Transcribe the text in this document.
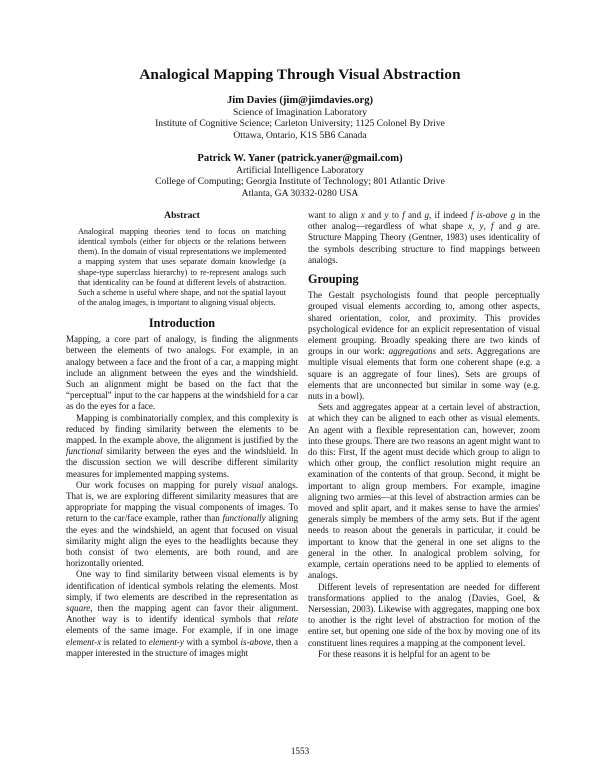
Analogical Mapping Through Visual Abstraction
Jim Davies (jim@jimdavies.org)
Science of Imagination Laboratory
Institute of Cognitive Science; Carleton University; 1125 Colonel By Drive
Ottawa, Ontario, K1S 5B6 Canada
Patrick W. Yaner (patrick.yaner@gmail.com)
Artificial Intelligence Laboratory
College of Computing; Georgia Institute of Technology; 801 Atlantic Drive
Atlanta, GA 30332-0280 USA
Abstract
Analogical mapping theories tend to focus on matching identical symbols (either for objects or the relations between them). In the domain of visual representations we implemented a mapping system that uses separate domain knowledge (a shape-type superclass hierarchy) to re-represent analogs such that identicality can be found at different levels of abstraction. Such a scheme is useful where shape, and not the spatial layout of the analog images, is important to aligning visual objects.
Introduction

Mapping, a core part of analogy, is finding the alignments between the elements of two analogs. For example, in an analogy between a face and the front of a car, a mapping might include an alignment between the eyes and the windshield. Such an alignment might be based on the fact that the “perceptual” input to the car happens at the windshield for a car as do the eyes for a face.

Mapping is combinatorially complex, and this complexity is reduced by finding similarity between the elements to be mapped. In the example above, the alignment is justified by the functional similarity between the eyes and the windshield. In the discussion section we will describe different similarity measures for implemented mapping systems.

Our work focuses on mapping for purely visual analogs. That is, we are exploring different similarity measures that are appropriate for mapping the visual components of images. To return to the car/face example, rather than functionally aligning the eyes and the windshield, an agent that focused on visual similarity might align the eyes to the headlights because they both consist of two elements, are both round, and are horizontally oriented.

One way to find similarity between visual elements is by identification of identical symbols relating the elements. Most simply, if two elements are described in the representation as square, then the mapping agent can favor their alignment. Another way is to identify identical symbols that relate elements of the same image. For example, if in one image element-x is related to element-y with a symbol is-above, then a mapper interested in the structure of images might

want to align x and y to f and g, if indeed f is-above g in the other analog—regardless of what shape x, y, f and g are. Structure Mapping Theory (Gentner, 1983) uses identicality of the symbols describing structure to find mappings between analogs.

Grouping

The Gestalt psychologists found that people perceptually grouped visual elements according to, among other aspects, shared orientation, color, and proximity. This provides psychological evidence for an explicit representation of visual element grouping. Broadly speaking there are two kinds of groups in our work: aggregations and sets. Aggregations are multiple visual elements that form one coherent shape (e.g. a square is an aggregate of four lines). Sets are groups of elements that are unconnected but similar in some way (e.g. nuts in a bowl).

Sets and aggregates appear at a certain level of abstraction, at which they can be aligned to each other as visual elements. An agent with a flexible representation can, however, zoom into these groups. There are two reasons an agent might want to do this: First, If the agent must decide which group to align to which other group, the conflict resolution might require an examination of the contents of that group. Second, it might be important to align group members. For example, imagine aligning two armies—at this level of abstraction armies can be moved and split apart, and it makes sense to have the armies' generals simply be members of the army sets. But if the agent needs to reason about the generals in particular, it could be important to know that the general in one set aligns to the general in the other. In analogical problem solving, for example, certain operations need to be applied to elements of analogs.

Different levels of representation are needed for different transformations applied to the analog (Davies, Goel, & Nersessian, 2003). Likewise with aggregates, mapping one box to another is the right level of abstraction for motion of the entire set, but opening one side of the box by moving one of its constituent lines requires a mapping at the component level.

For these reasons it is helpful for an agent to be

1553
